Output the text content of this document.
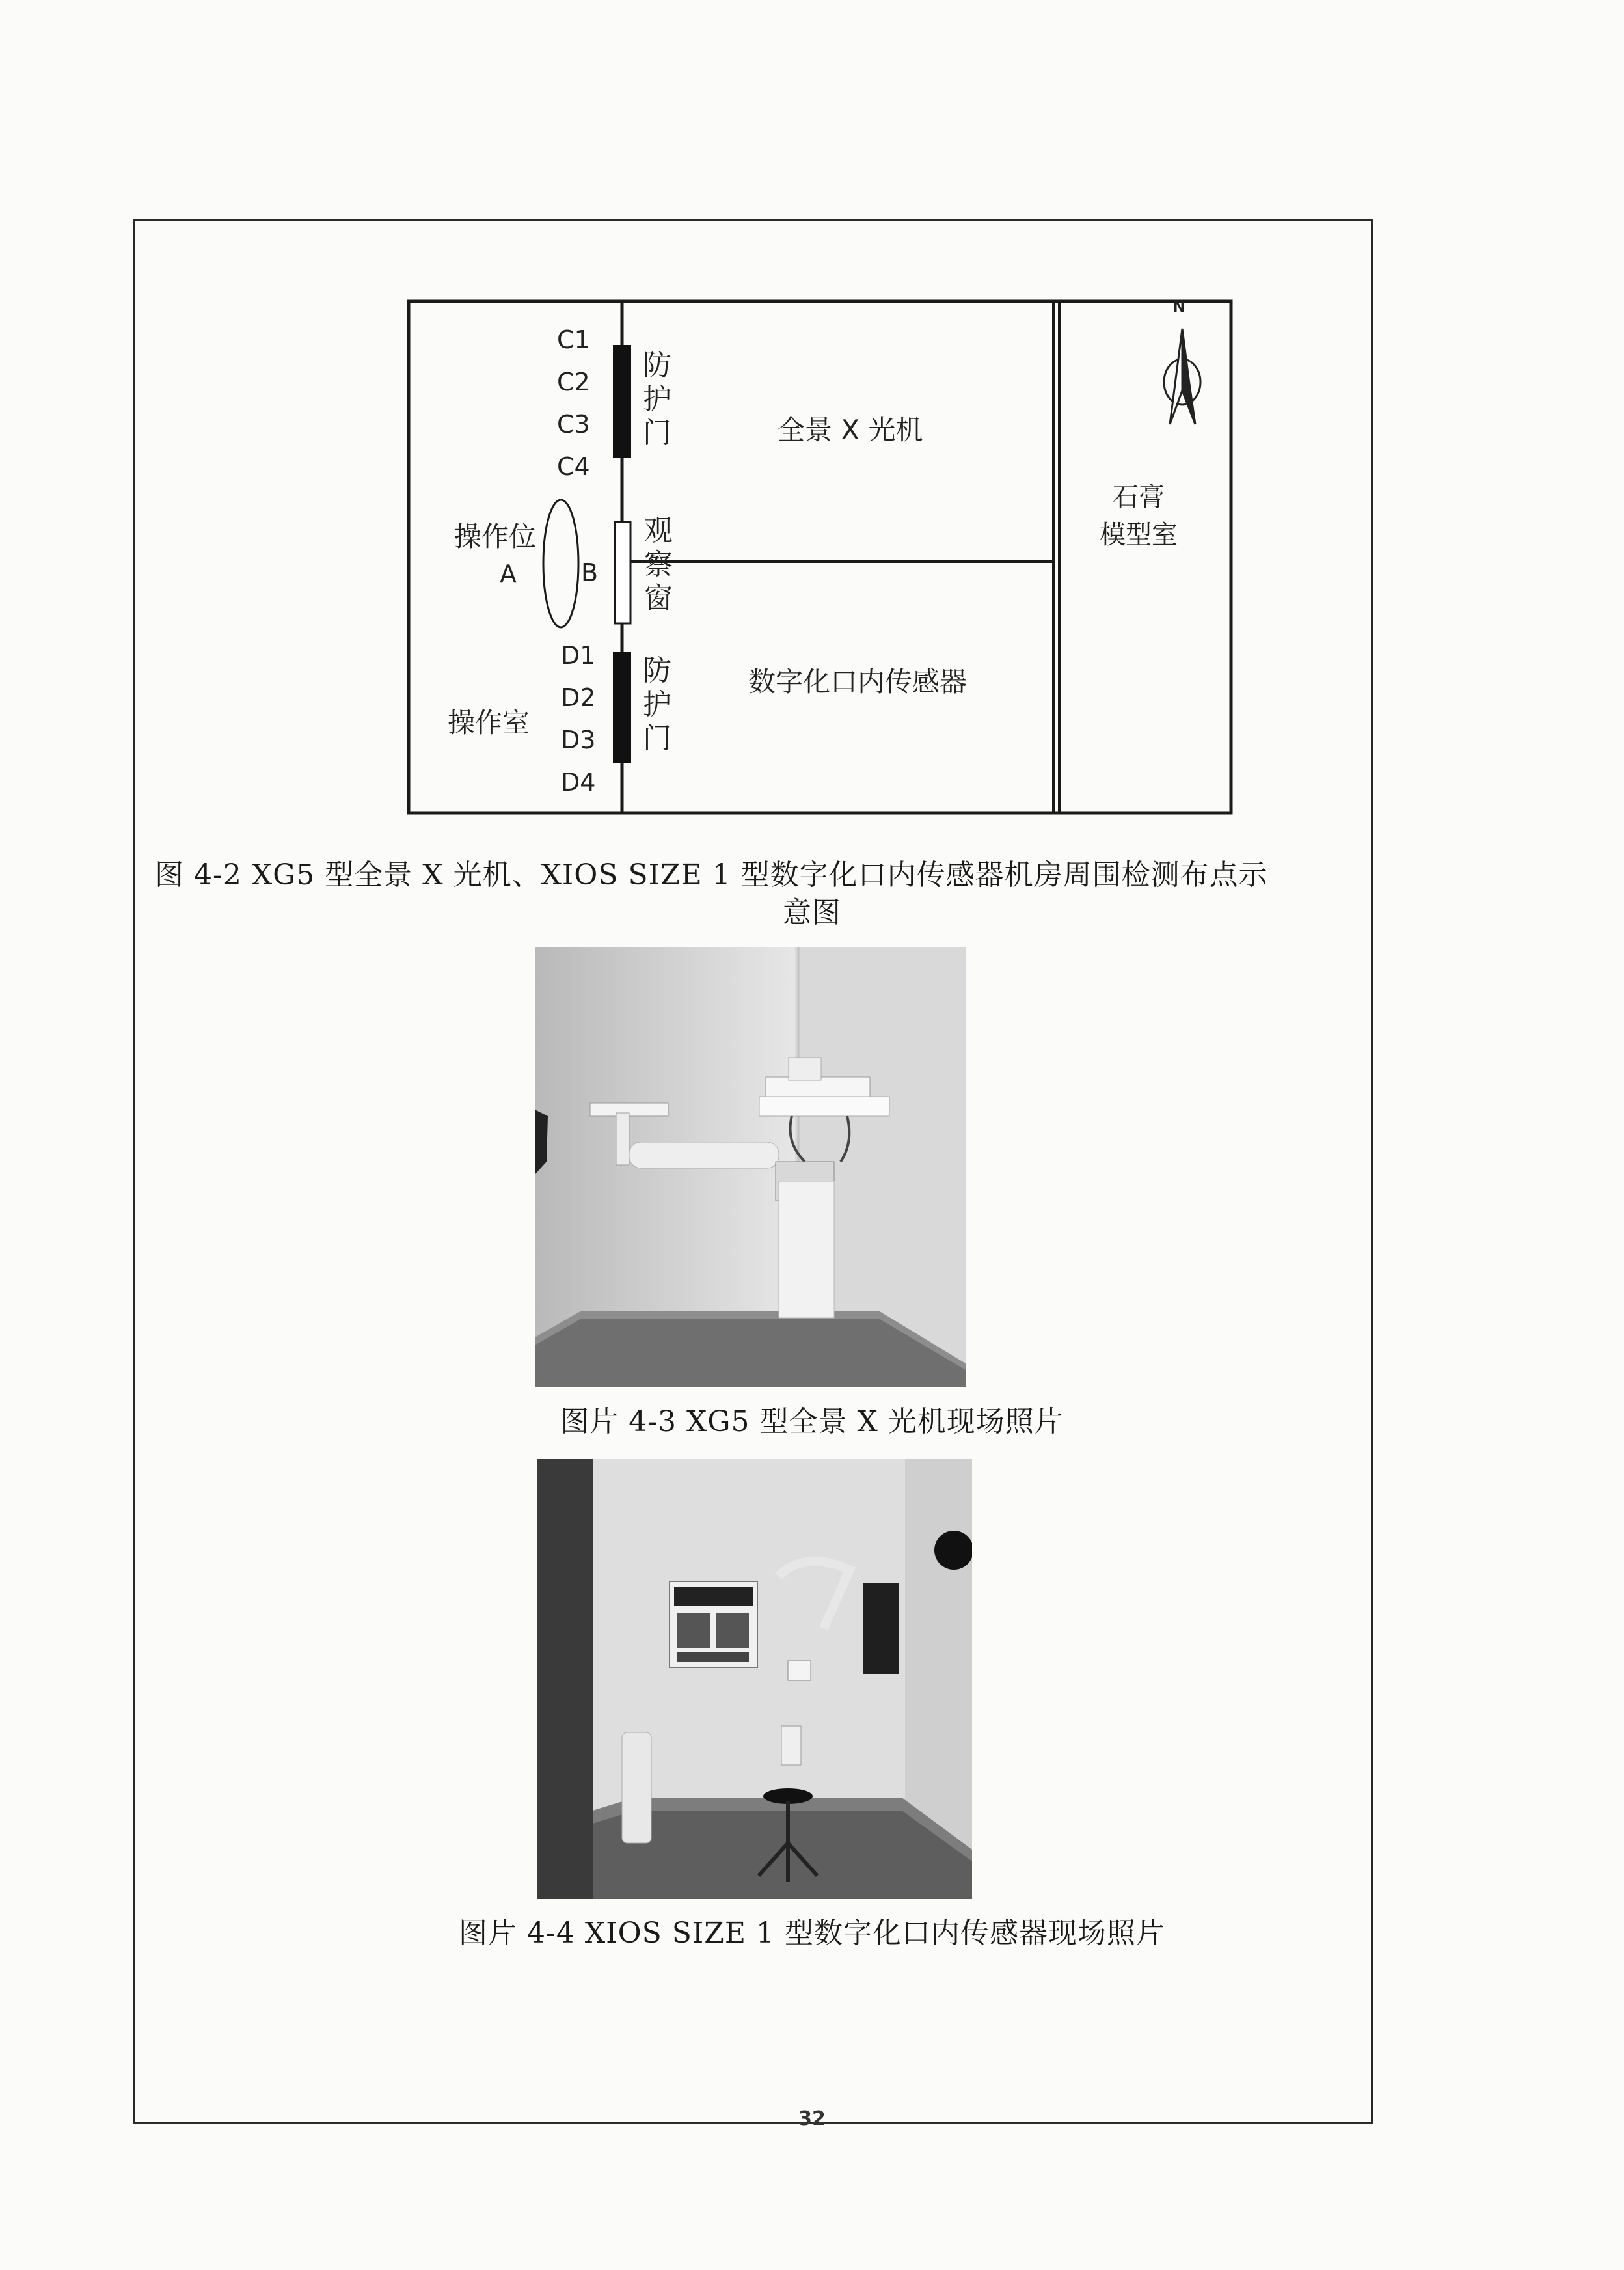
N
C1
C2
C3
C4
D1
D2
D3
D4
防
护
门
观
察
窗
防
护
门
操作位
A	B
操作室
全景 X 光机
数字化口内传感器
石膏
模型室
图 4-2 XG5 型全景 X 光机、XIOS SIZE 1 型数字化口内传感器机房周围检测布点示
意图
图片 4-3 XG5 型全景 X 光机现场照片
图片 4-4 XIOS SIZE 1 型数字化口内传感器现场照片
32
